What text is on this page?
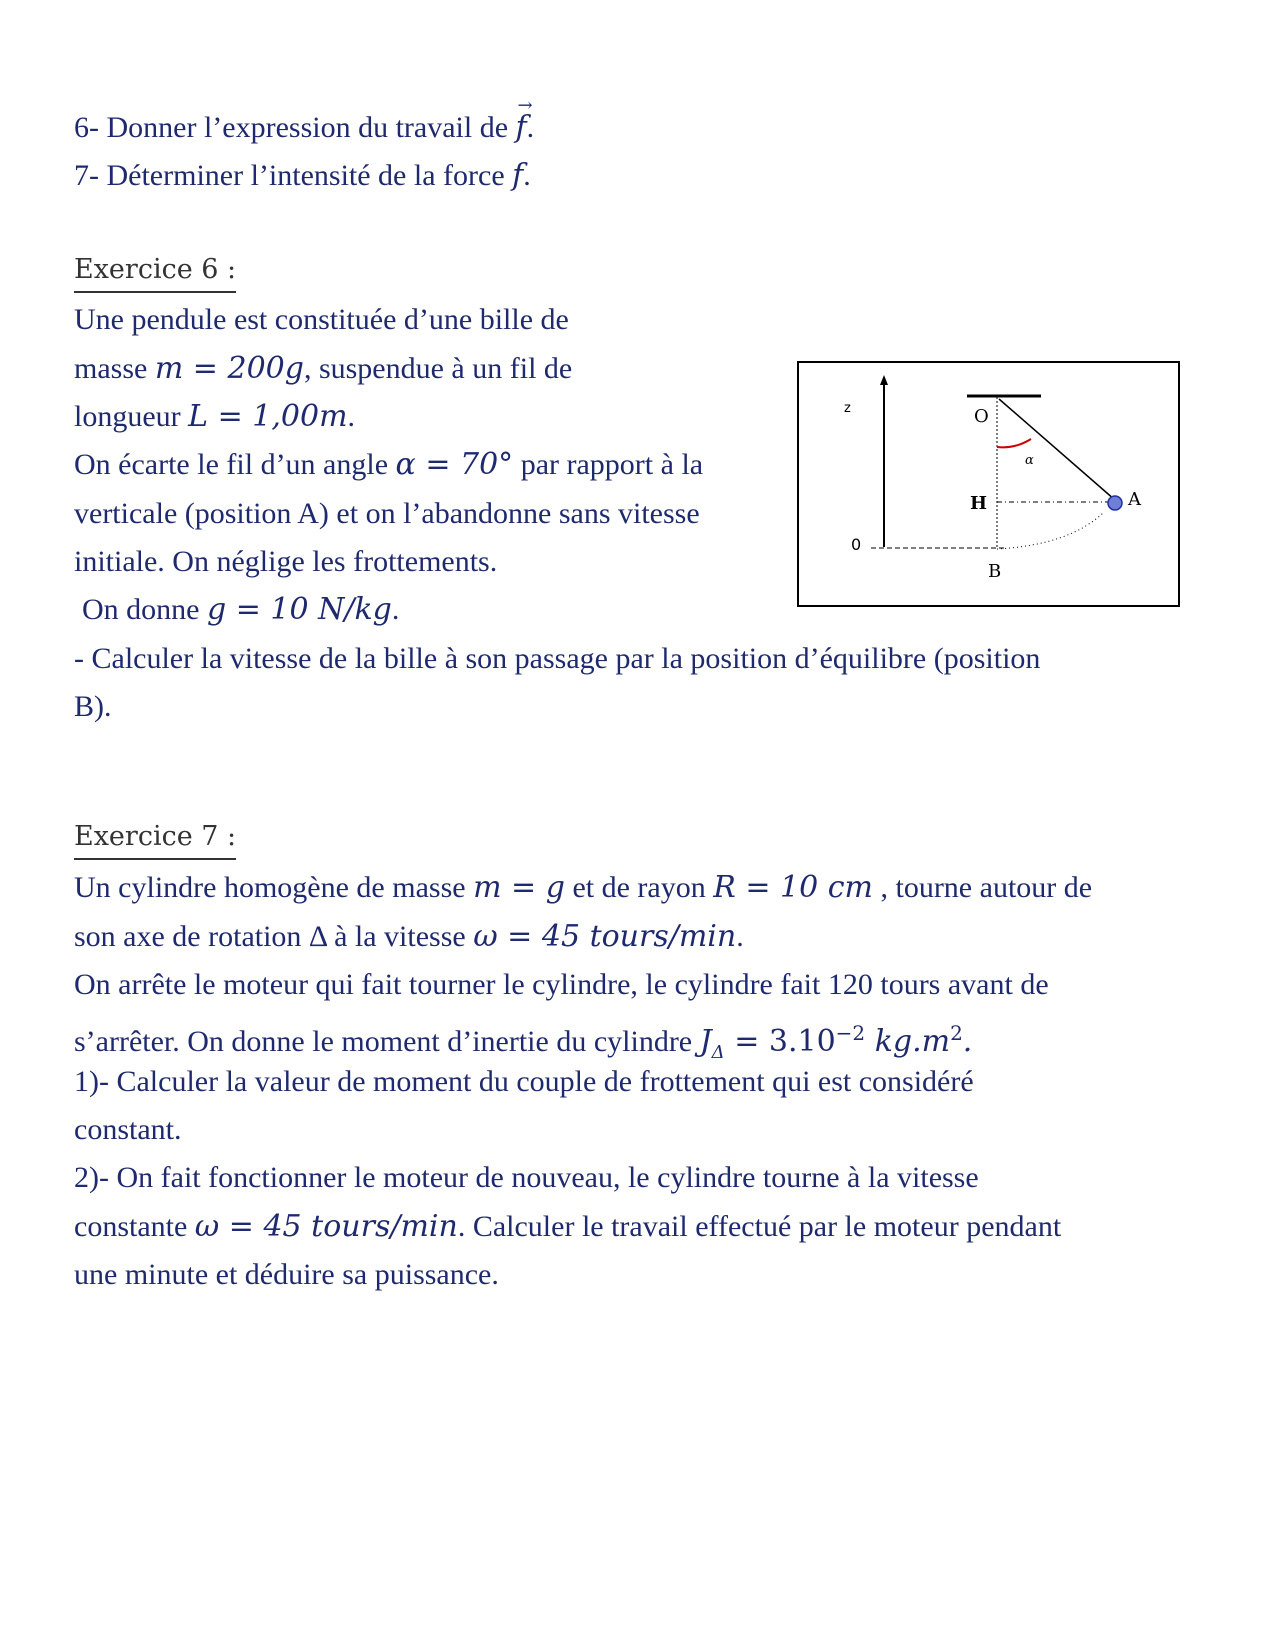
6- Donner l’expression du travail de → f.
7- Déterminer l’intensité de la force f.
Exercice 6 :
Une pendule est constituée d’une bille de
masse m = 200g, suspendue à un fil de
longueur L = 1,00m.
On écarte le fil d’un angle α = 70° par rapport à la
verticale (position A) et on l’abandonne sans vitesse
initiale. On néglige les frottements.
On donne g = 10 N/kg.
- Calculer la vitesse de la bille à son passage par la position d’équilibre (position
B).
z
0
O
α
H	A
B
Exercice 7 :
Un cylindre homogène de masse m = g et de rayon R = 10 cm , tourne autour de
son axe de rotation Δ à la vitesse ω = 45 tours/min.
On arrête le moteur qui fait tourner le cylindre, le cylindre fait 120 tours avant de
s’arrêter. On donne le moment d’inertie du cylindre $J_\Delta = 3.10^{-2}$ $kg.m^2$.
1)- Calculer la valeur de moment du couple de frottement qui est considéré
constant.
2)- On fait fonctionner le moteur de nouveau, le cylindre tourne à la vitesse
constante ω = 45 tours/min. Calculer le travail effectué par le moteur pendant
une minute et déduire sa puissance.
